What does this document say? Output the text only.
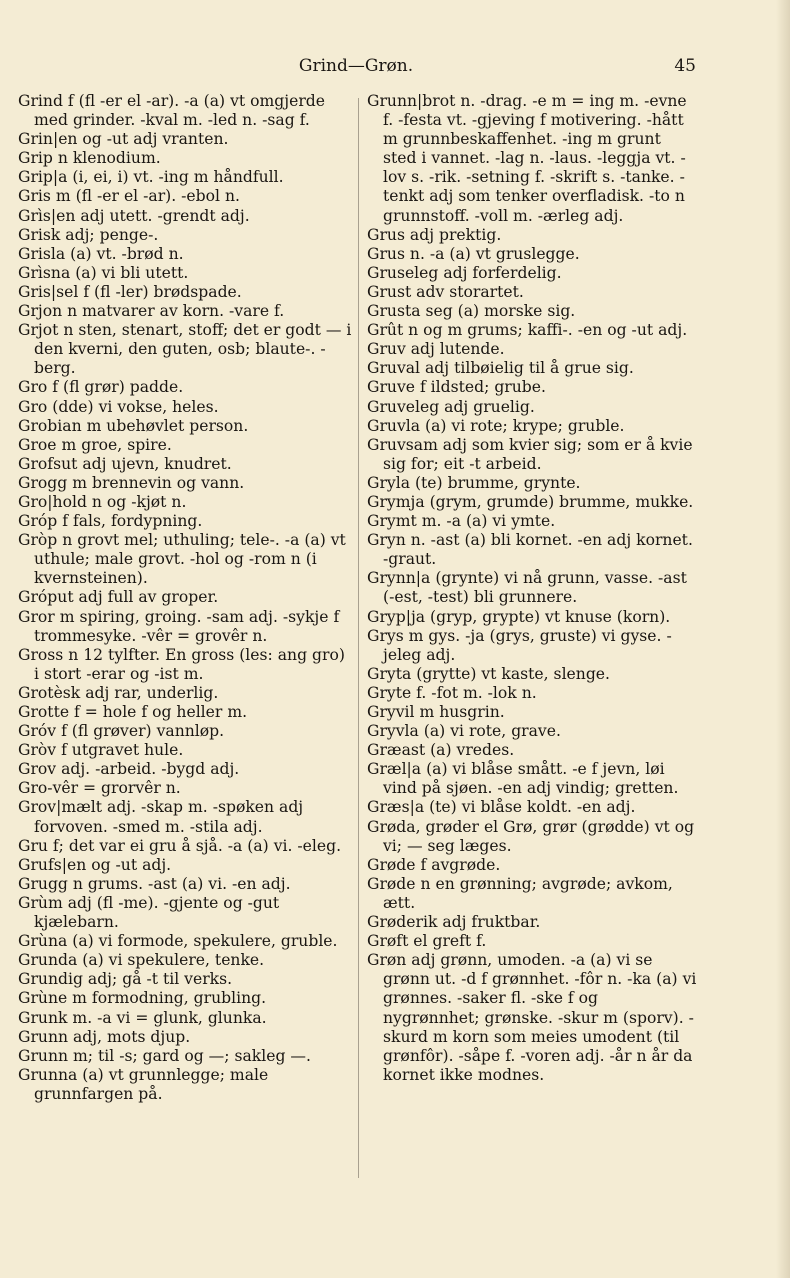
Grind—Grøn.	45

Grind f (fl -er el -ar). -a (a) vt omgjerde med grinder. -kval m. -led n. -sag f.

Grin|en og -ut adj vranten.

Grip n klenodium.

Grip|a (i, ei, i) vt. -ing m håndfull.

Gris m (fl -er el -ar). -ebol n.

Grìs|en adj utett. -grendt adj.

Grisk adj; penge-.

Grisla (a) vt. -brød n.

Grìsna (a) vi bli utett.

Gris|sel f (fl -ler) brødspade.

Grjon n matvarer av korn. -vare f.

Grjot n sten, stenart, stoff; det er godt — i den kverni, den guten, osb; blaute-. -berg.

Gro f (fl grør) padde.

Gro (dde) vi vokse, heles.

Grobian m ubehøvlet person.

Groe m groe, spire.

Grofsut adj ujevn, knudret.

Grogg m brennevin og vann.

Gro|hold n og -kjøt n.

Gróp f fals, fordypning.

Gròp n grovt mel; uthuling; tele-. -a (a) vt uthule; male grovt. -hol og -rom n (i kvernsteinen).

Gróput adj full av groper.

Gror m spiring, groing. -sam adj. -sykje f trommesyke. -vêr = grovêr n.

Gross n 12 tylfter. En gross (les: ang gro) i stort -erar og -ist m.

Grotèsk adj rar, underlig.

Grotte f = hole f og heller m.

Gróv f (fl grøver) vannløp.

Gròv f utgravet hule.

Grov adj. -arbeid. -bygd adj.

Gro-vêr = grorvêr n.

Grov|mælt adj. -skap m. -spøken adj forvoven. -smed m. -stila adj.

Gru f; det var ei gru å sjå. -a (a) vi. -eleg.

Grufs|en og -ut adj.

Grugg n grums. -ast (a) vi. -en adj.

Grùm adj (fl -me). -gjente og -gut kjælebarn.

Grùna (a) vi formode, spekulere, gruble.

Grunda (a) vi spekulere, tenke.

Grundig adj; gå -t til verks.

Grùne m formodning, grubling.

Grunk m. -a vi = glunk, glunka.

Grunn adj, mots djup.

Grunn m; til -s; gard og —; sakleg —.

Grunna (a) vt grunnlegge; male grunnfargen på.

Grunn|brot n. -drag. -e m = ing m. -evne f. -festa vt. -gjeving f motivering. -hått m grunnbeskaffenhet. -ing m grunt sted i vannet. -lag n. -laus. -leggja vt. -lov s. -rik. -setning f. -skrift s. -tanke. -tenkt adj som tenker overfladisk. -to n grunnstoff. -voll m. -ærleg adj.

Grus adj prektig.

Grus n. -a (a) vt gruslegge.

Gruseleg adj forferdelig.

Grust adv storartet.

Grusta seg (a) morske sig.

Grût n og m grums; kaffi-. -en og -ut adj.

Gruv adj lutende.

Gruval adj tilbøielig til å grue sig.

Gruve f ildsted; grube.

Gruveleg adj gruelig.

Gruvla (a) vi rote; krype; gruble.

Gruvsam adj som kvier sig; som er å kvie sig for; eit -t arbeid.

Gryla (te) brumme, grynte.

Grymja (grym, grumde) brumme, mukke.

Grymt m. -a (a) vi ymte.

Gryn n. -ast (a) bli kornet. -en adj kornet. -graut.

Grynn|a (grynte) vi nå grunn, vasse. -ast (-est, -test) bli grunnere.

Gryp|ja (gryp, grypte) vt knuse (korn).

Grys m gys. -ja (grys, gruste) vi gyse. -jeleg adj.

Gryta (grytte) vt kaste, slenge.

Gryte f. -fot m. -lok n.

Gryvil m husgrin.

Gryvla (a) vi rote, grave.

Græast (a) vredes.

Græl|a (a) vi blåse smått. -e f jevn, løi vind på sjøen. -en adj vindig; gretten.

Græs|a (te) vi blåse koldt. -en adj.

Grøda, grøder el Grø, grør (grødde) vt og vi; — seg læges.

Grøde f avgrøde.

Grøde n en grønning; avgrøde; avkom, ætt.

Grøderik adj fruktbar.

Grøft el greft f.

Grøn adj grønn, umoden. -a (a) vi se grønn ut. -d f grønnhet. -fôr n. -ka (a) vi grønnes. -saker fl. -ske f og nygrønnhet; grønske. -skur m (sporv). -skurd m korn som meies umodent (til grønfôr). -såpe f. -voren adj. -år n år da kornet ikke modnes.
